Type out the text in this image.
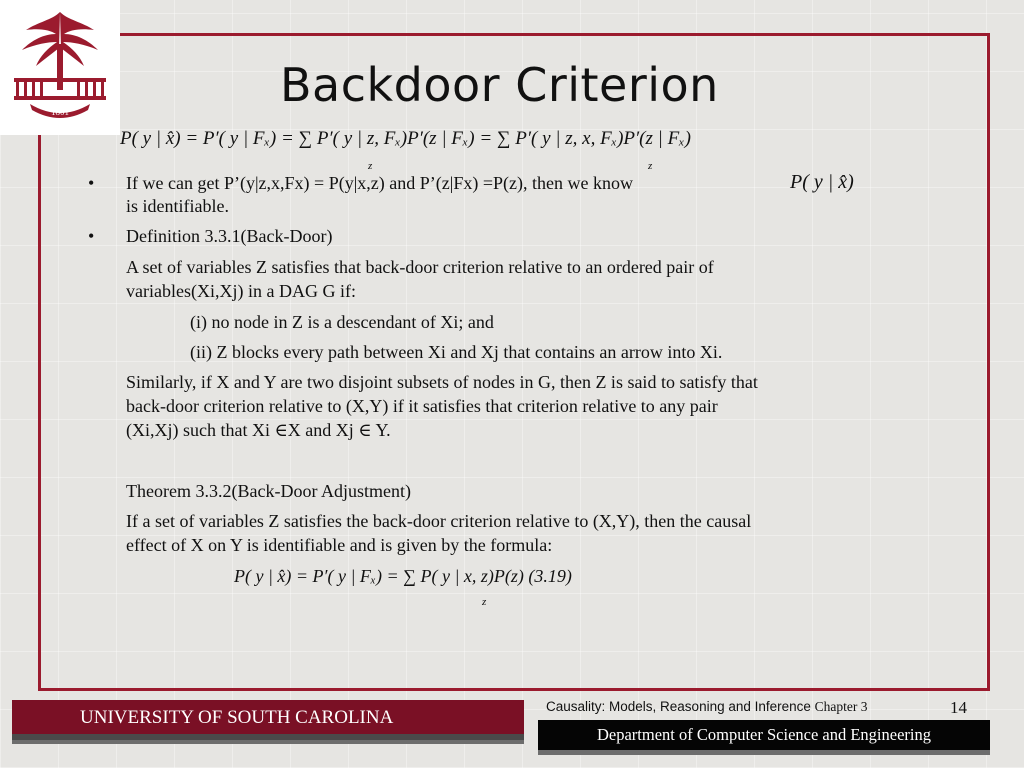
1801	Backdoor Criterion
P( y | x̂) = P′( y | Fₓ) = ∑ P′( y | z, Fₓ)P′(z | Fₓ) = ∑ P′( y | z, x, Fₓ)P′(z | Fₓ)
z	z
• If we can get P’(y|z,x,Fx) = P(y|x,z) and P’(z|Fx) =P(z), then we know
is identifiable.
• Definition 3.3.1(Back-Door)
A set of variables Z satisfies that back-door criterion relative to an ordered pair of
variables(Xi,Xj) in a DAG G if:
(i) no node in Z is a descendant of Xi; and
(ii) Z blocks every path between Xi and Xj that contains an arrow into Xi.
Similarly, if X and Y are two disjoint subsets of nodes in G, then Z is said to satisfy that
back-door criterion relative to (X,Y) if it satisfies that criterion relative to any pair
(Xi,Xj) such that Xi ∈X and Xj ∈ Y.
Theorem 3.3.2(Back-Door Adjustment)
If a set of variables Z satisfies the back-door criterion relative to (X,Y), then the causal
effect of X on Y is identifiable and is given by the formula:
P( y | x̂)
P( y | x̂) = P′( y | Fₓ) = ∑ P( y | x, z)P(z) (3.19)
z
UNIVERSITY OF SOUTH CAROLINA
Causality: Models, Reasoning and Inference Chapter 3	14
Department of Computer Science and Engineering
